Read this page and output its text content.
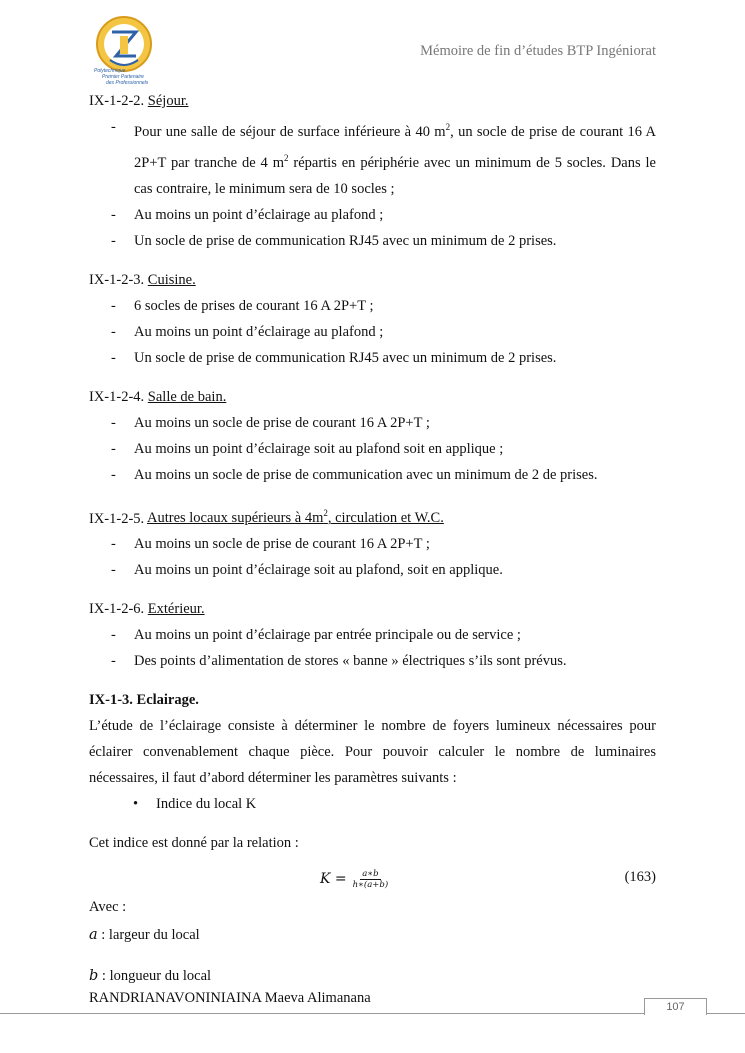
Polytechnique
Premier Partenaire
des Professionnels
Mémoire de fin d’études BTP Ingéniorat

IX-1-2-2. Séjour.

- Pour une salle de séjour de surface inférieure à 40 $m^2$, un socle de prise de courant 16 A 2P+T par tranche de 4 $m^2$ répartis en périphérie avec un minimum de 5 socles. Dans le cas contraire, le minimum sera de 10 socles ;
- Au moins un point d’éclairage au plafond ;
- Un socle de prise de communication RJ45 avec un minimum de 2 prises.

IX-1-2-3. Cuisine.

- 6 socles de prises de courant 16 A 2P+T ;
- Au moins un point d’éclairage au plafond ;
- Un socle de prise de communication RJ45 avec un minimum de 2 prises.

IX-1-2-4. Salle de bain.

- Au moins un socle de prise de courant 16 A 2P+T ;
- Au moins un point d’éclairage soit au plafond soit en applique ;
- Au moins un socle de prise de communication avec un minimum de 2 de prises.

IX-1-2-5. Autres locaux supérieurs à $4m^2$, circulation et W.C.

- Au moins un socle de prise de courant 16 A 2P+T ;
- Au moins un point d’éclairage soit au plafond, soit en applique.

IX-1-2-6. Extérieur.

- Au moins un point d’éclairage par entrée principale ou de service ;
- Des points d’alimentation de stores « banne » électriques s’ils sont prévus.

IX-1-3. Eclairage.

L’étude de l’éclairage consiste à déterminer le nombre de foyers lumineux nécessaires pour éclairer convenablement chaque pièce. Pour pouvoir calculer le nombre de luminaires nécessaires, il faut d’abord déterminer les paramètres suivants :

• Indice du local K

Cet indice est donné par la relation :

$K = \frac{a∗b}{h∗(a+b)}$	(163)

Avec :

a : largeur du local

b : longueur du local

RANDRIANAVONINIAINA Maeva Alimanana
107
